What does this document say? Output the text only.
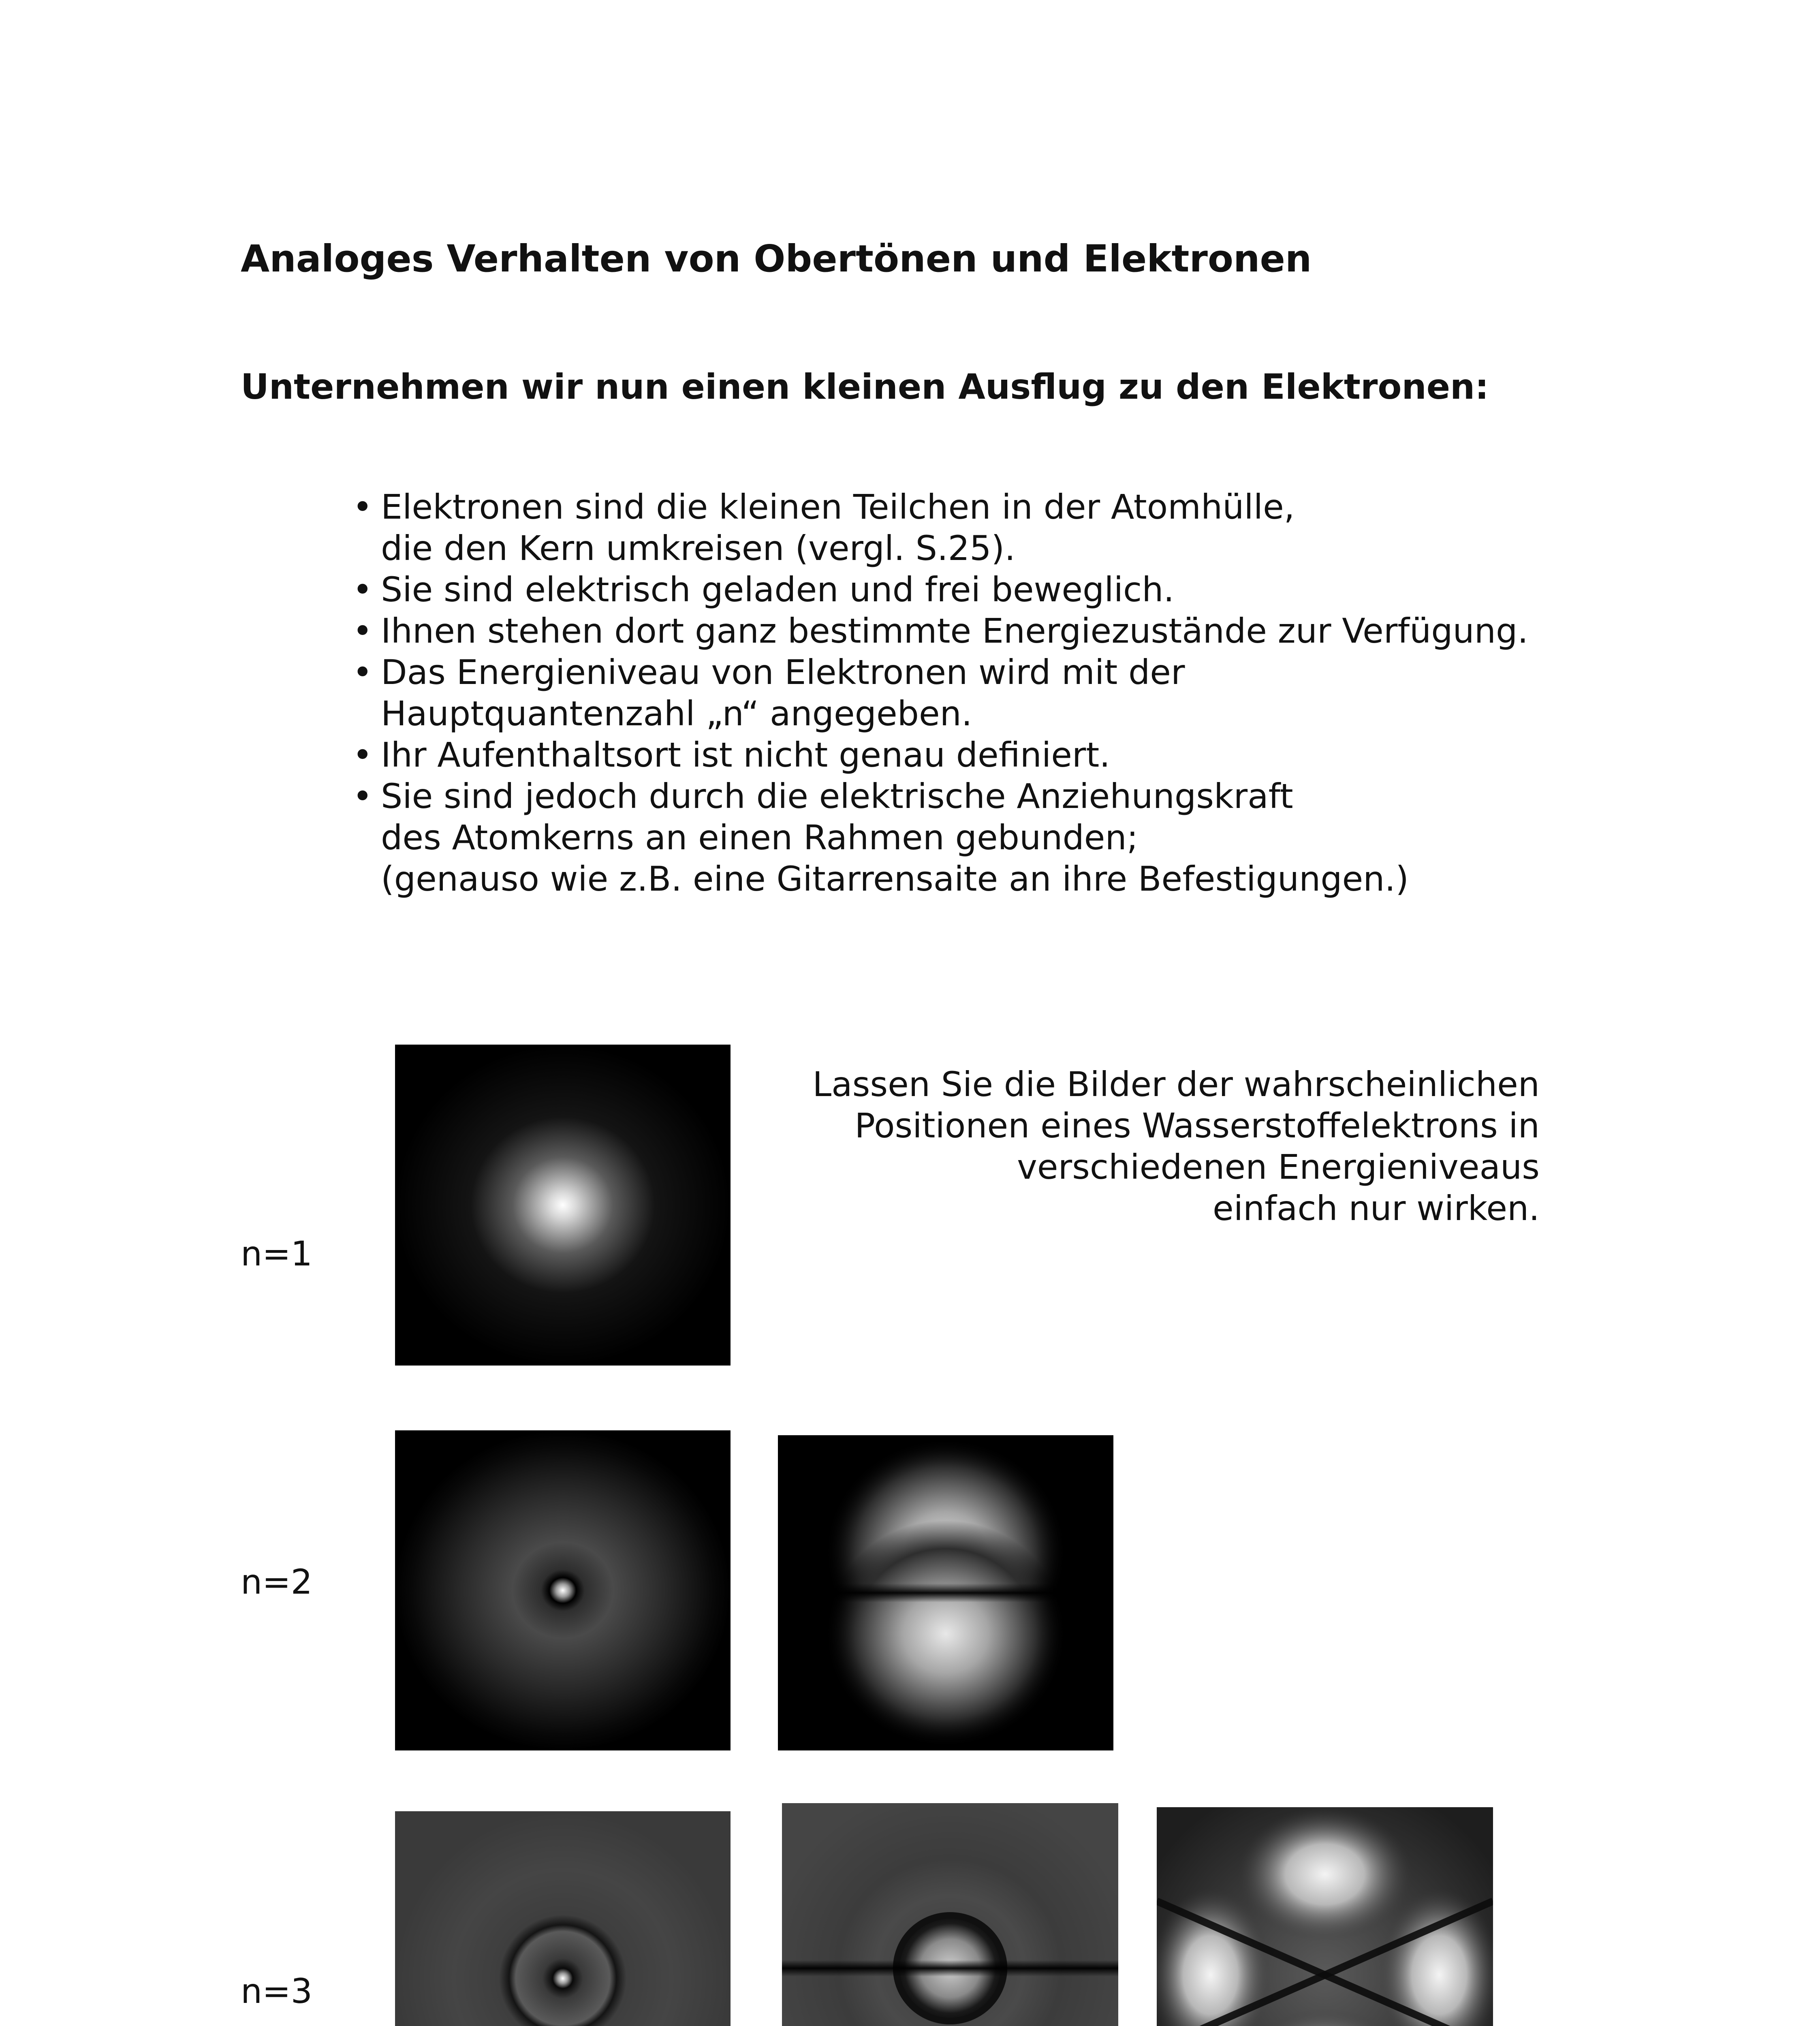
Analoges Verhalten von Obertönen und Elektronen
Unternehmen wir nun einen kleinen Ausflug zu den Elektronen:
• Elektronen sind die kleinen Teilchen in der Atomhülle,
die den Kern umkreisen (vergl. S.25).
• Sie sind elektrisch geladen und frei beweglich.
• Ihnen stehen dort ganz bestimmte Energiezustände zur Verfügung.
• Das Energieniveau von Elektronen wird mit der
Hauptquantenzahl „n“ angegeben.
• Ihr Aufenthaltsort ist nicht genau definiert.
• Sie sind jedoch durch die elektrische Anziehungskraft
des Atomkerns an einen Rahmen gebunden;
(genauso wie z.B. eine Gitarrensaite an ihre Befestigungen.)
Lassen Sie die Bilder der wahrscheinlichen
Positionen eines Wasserstoffelektrons in
verschiedenen Energieniveaus
einfach nur wirken.
n=1
n=2
n=3
